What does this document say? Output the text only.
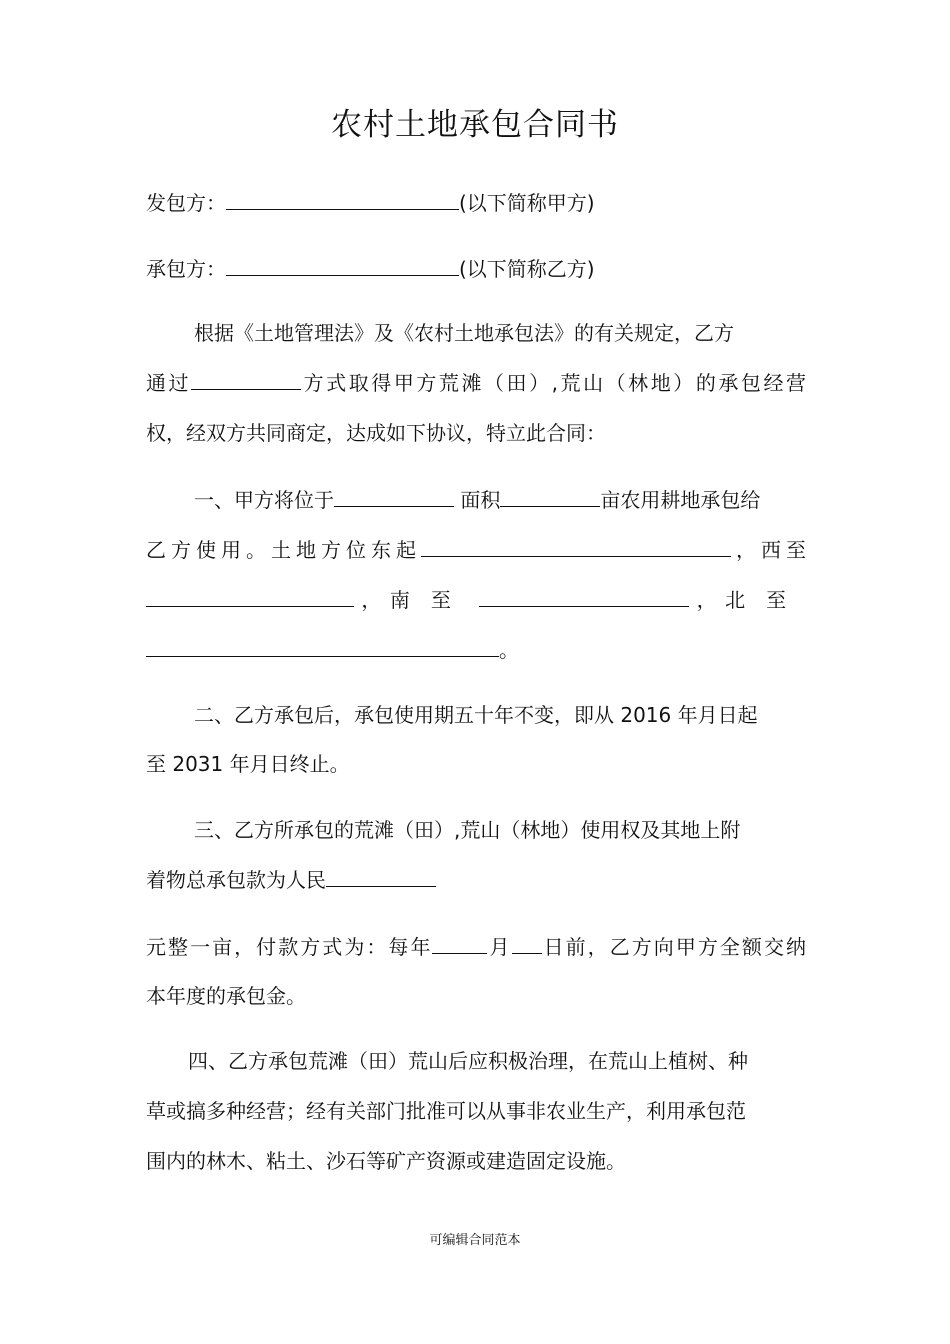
农村土地承包合同书
发包方：	(以下简称甲方)
承包方：	(以下简称乙方)
根据《土地管理法》及《农村土地承包法》的有关规定，乙方
通过	方式取得甲方荒滩（田）,荒山（林地）的承包经营
权，经双方共同商定，达成如下协议，特立此合同：
一、甲方将位于	面积	亩农用耕地承包给
乙方使用。土地方位东起	，西至
， 南至	， 北至
。
二、乙方承包后，承包使用期五十年不变，即从 2016 年月日起
至 2031 年月日终止。
三、乙方所承包的荒滩（田）,荒山（林地）使用权及其地上附
着物总承包款为人民
元整一亩，付款方式为：每年	月 日前，乙方向甲方全额交纳
本年度的承包金。
四、乙方承包荒滩（田）荒山后应积极治理，在荒山上植树、种
草或搞多种经营；经有关部门批准可以从事非农业生产，利用承包范
围内的林木、粘土、沙石等矿产资源或建造固定设施。
可编辑合同范本
